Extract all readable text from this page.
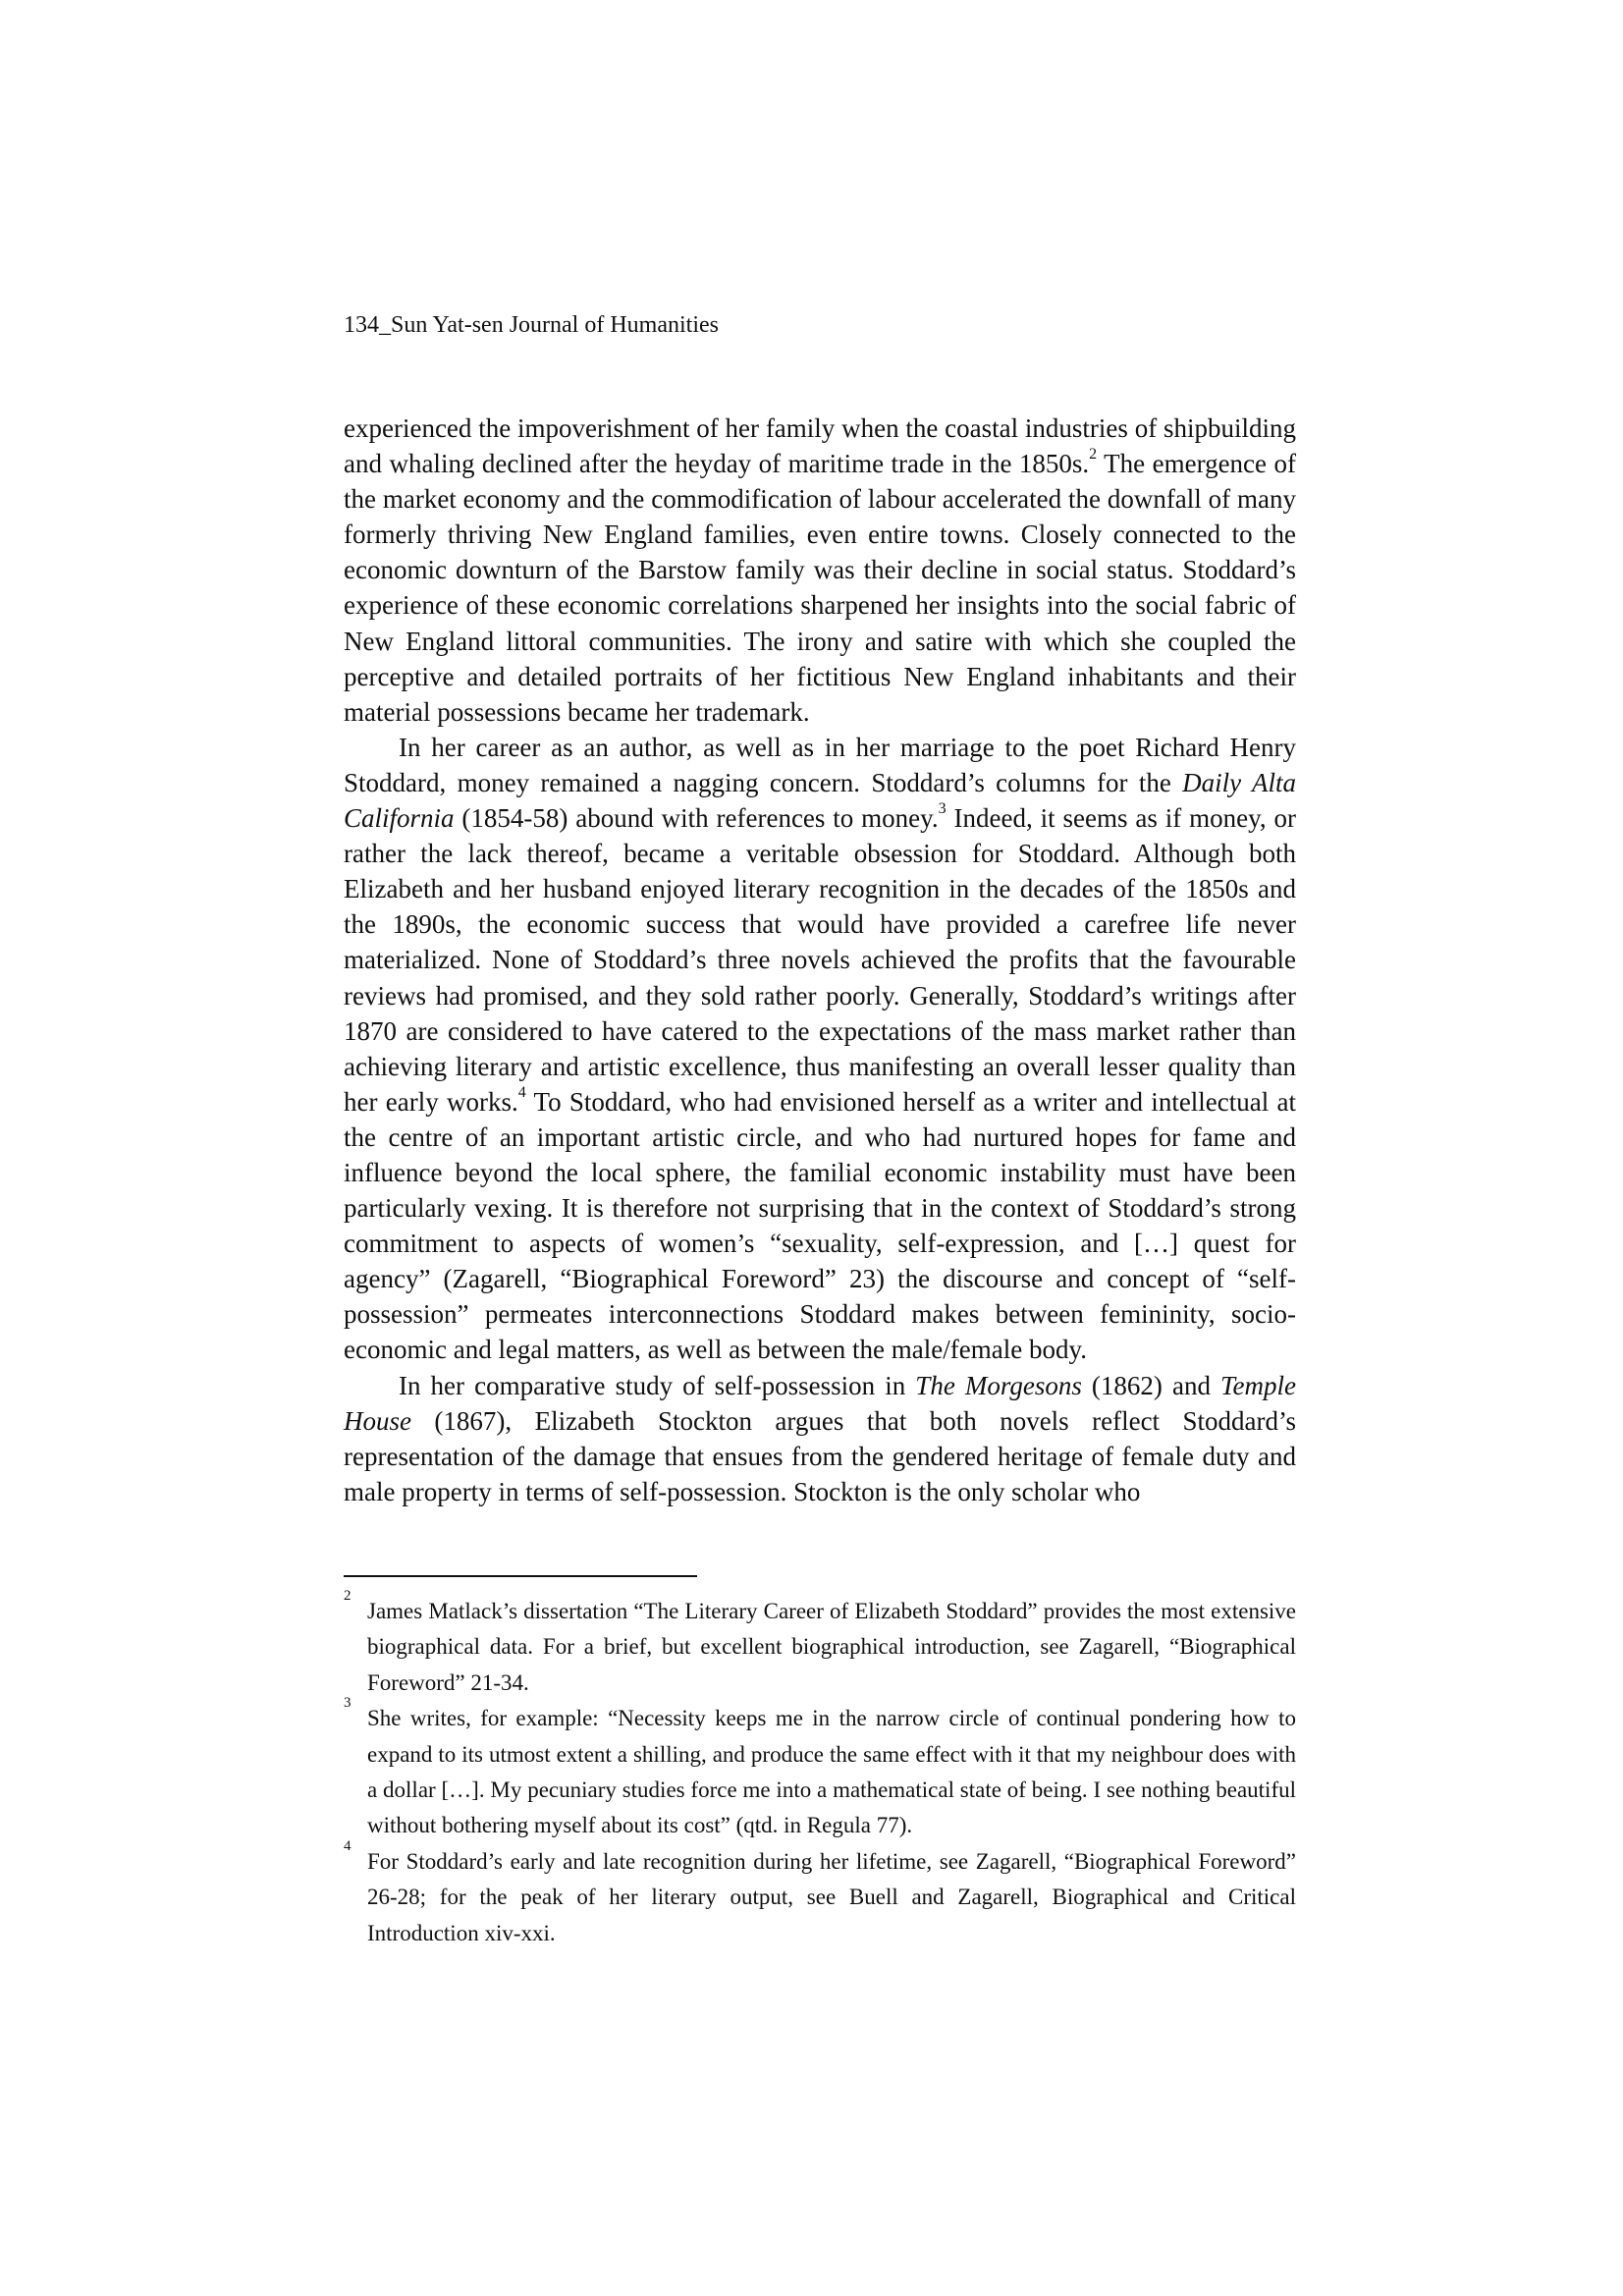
134_Sun Yat-sen Journal of Humanities

experienced the impoverishment of her family when the coastal industries of shipbuilding and whaling declined after the heyday of maritime trade in the 1850s.$^2$ The emergence of the market economy and the commodification of labour accelerated the downfall of many formerly thriving New England families, even entire towns. Closely connected to the economic downturn of the Barstow family was their decline in social status. Stoddard’s experience of these economic correlations sharpened her insights into the social fabric of New England littoral communities. The irony and satire with which she coupled the perceptive and detailed portraits of her fictitious New England inhabitants and their material possessions became her trademark.

In her career as an author, as well as in her marriage to the poet Richard Henry Stoddard, money remained a nagging concern. Stoddard’s columns for the Daily Alta California (1854-58) abound with references to money.$^3$ Indeed, it seems as if money, or rather the lack thereof, became a veritable obsession for Stoddard. Although both Elizabeth and her husband enjoyed literary recognition in the decades of the 1850s and the 1890s, the economic success that would have provided a carefree life never materialized. None of Stoddard’s three novels achieved the profits that the favourable reviews had promised, and they sold rather poorly. Generally, Stoddard’s writings after 1870 are considered to have catered to the expectations of the mass market rather than achieving literary and artistic excellence, thus manifesting an overall lesser quality than her early works.$^4$ To Stoddard, who had envisioned herself as a writer and intellectual at the centre of an important artistic circle, and who had nurtured hopes for fame and influence beyond the local sphere, the familial economic instability must have been particularly vexing. It is therefore not surprising that in the context of Stoddard’s strong commitment to aspects of women’s “sexuality, self-expression, and […] quest for agency” (Zagarell, “Biographical Foreword” 23) the discourse and concept of “self-possession” permeates interconnections Stoddard makes between femininity, socio-economic and legal matters, as well as between the male/female body.

In her comparative study of self-possession in The Morgesons (1862) and Temple House (1867), Elizabeth Stockton argues that both novels reflect Stoddard’s representation of the damage that ensues from the gendered heritage of female duty and male property in terms of self-possession. Stockton is the only scholar who

2
James Matlack’s dissertation “The Literary Career of Elizabeth Stoddard” provides the most extensive biographical data. For a brief, but excellent biographical introduction, see Zagarell, “Biographical Foreword” 21-34.

3
She writes, for example: “Necessity keeps me in the narrow circle of continual pondering how to expand to its utmost extent a shilling, and produce the same effect with it that my neighbour does with a dollar […]. My pecuniary studies force me into a mathematical state of being. I see nothing beautiful without bothering myself about its cost” (qtd. in Regula 77).

4
For Stoddard’s early and late recognition during her lifetime, see Zagarell, “Biographical Foreword” 26-28; for the peak of her literary output, see Buell and Zagarell, Biographical and Critical Introduction xiv-xxi.
